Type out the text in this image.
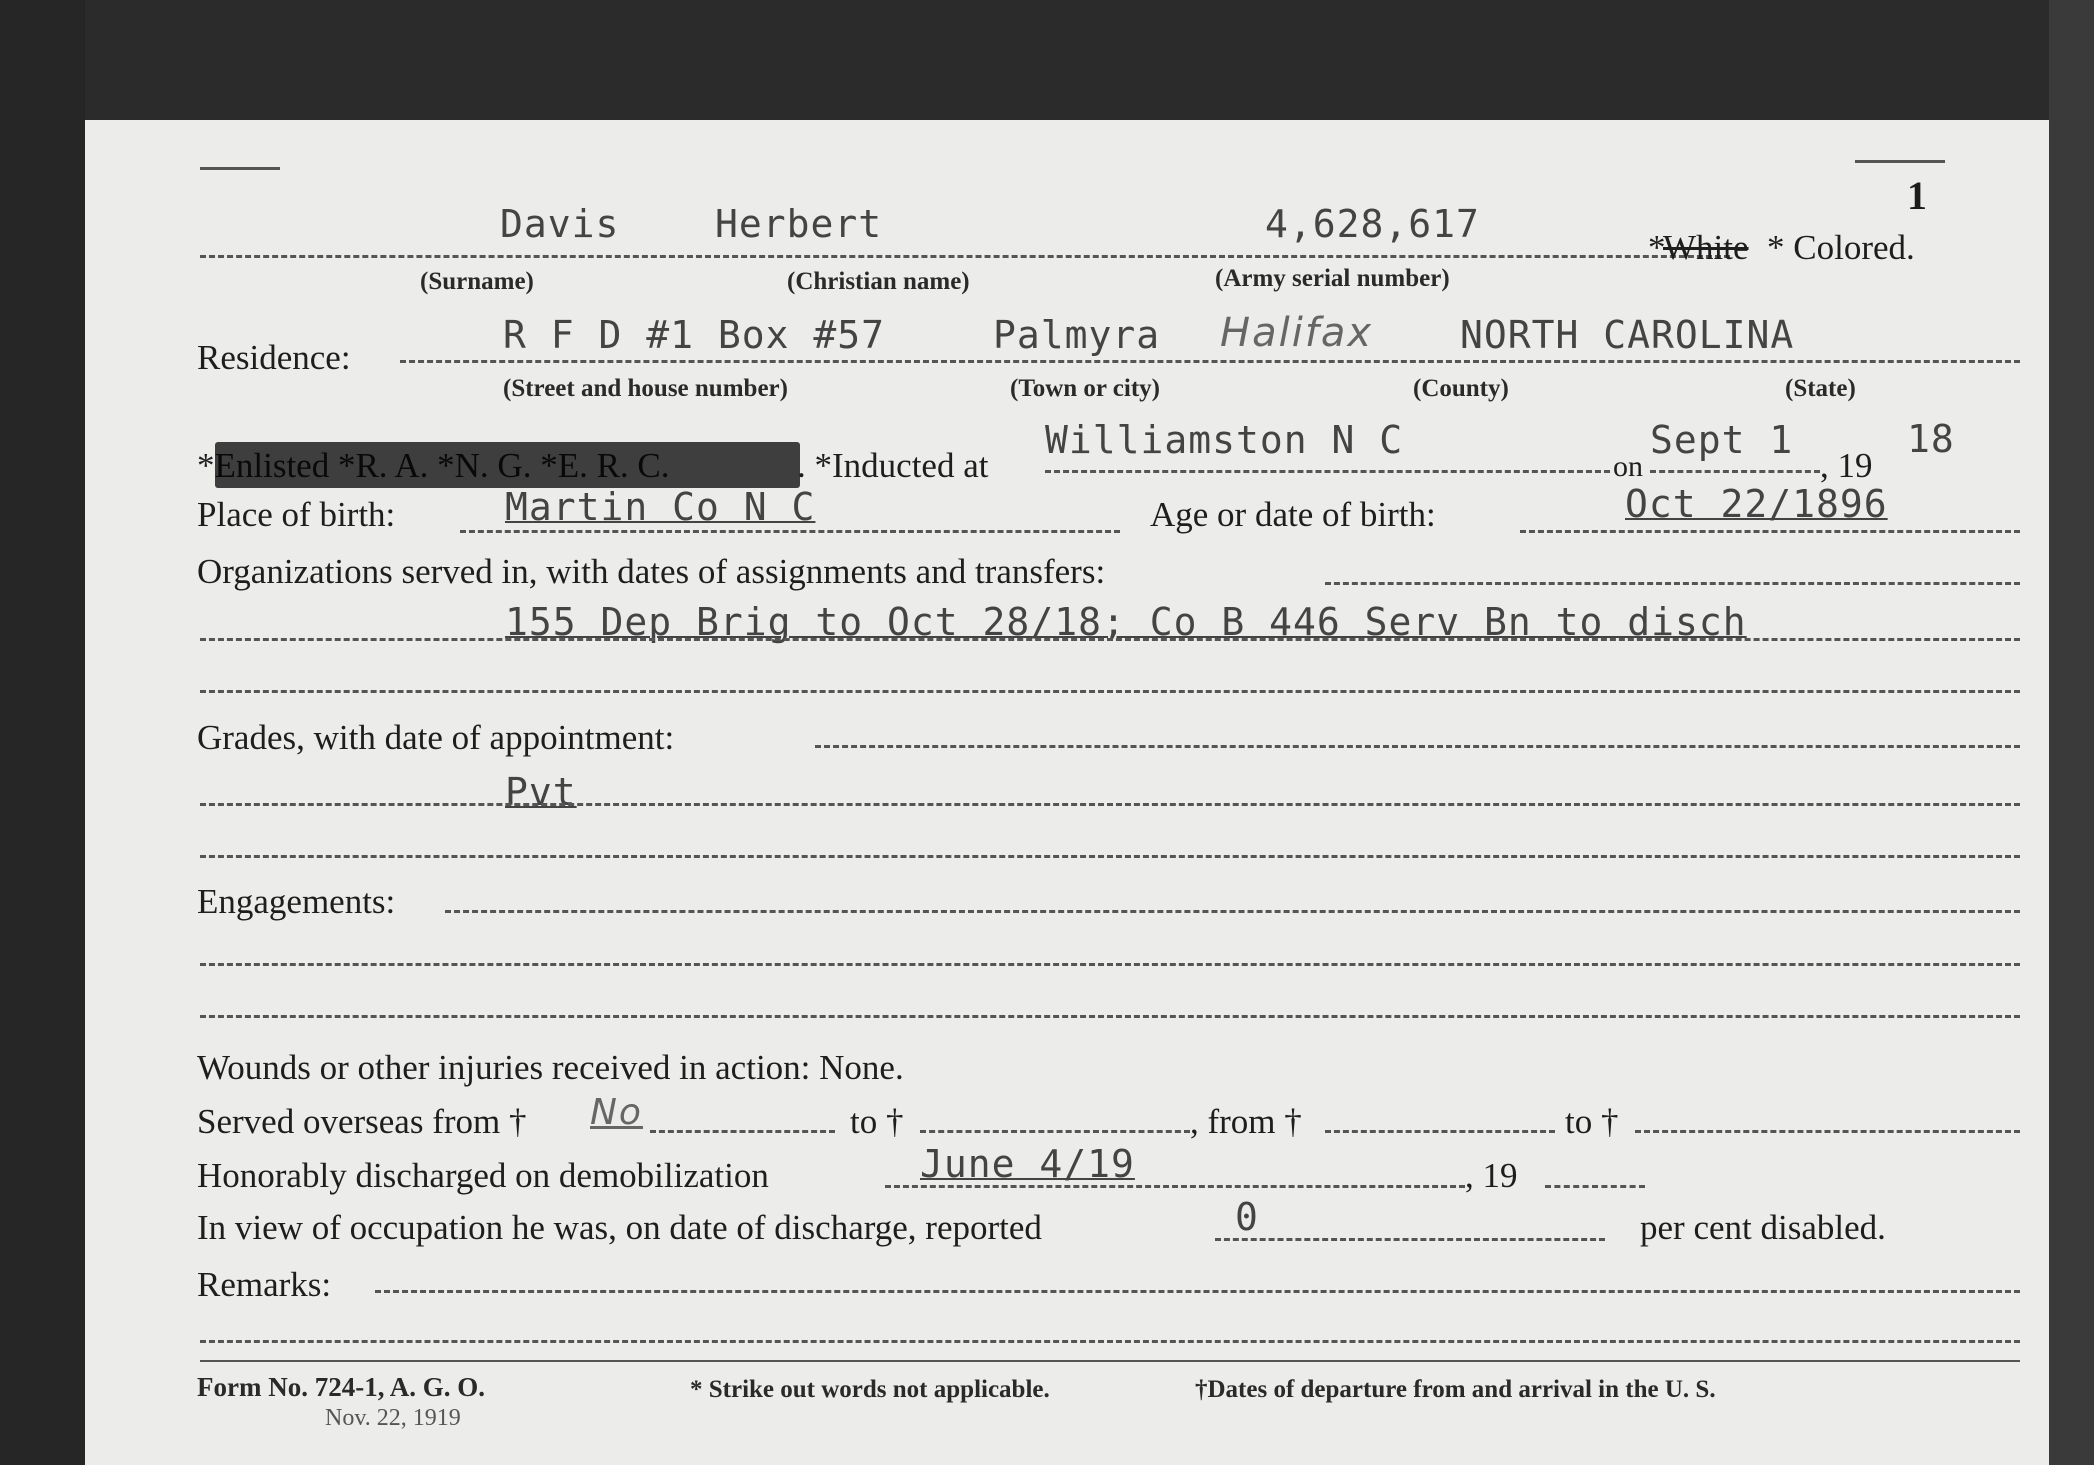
1
Davis	Herbert	4,628,617
*
White * Colored.
(Surname)	(Christian name)	(Army serial number)
Residence:
R F D #1 Box #57	Palmyra Halifax NORTH CAROLINA
(Street and house number)	(Town or city)	(County)	(State)
*Enlisted *R. A. *N. G. *E. R. C.	. *Inducted at
Williamston N C
on
Sept 1
, 19
18
Place of birth:	Martin Co N C	Age or date of birth:	Oct 22/1896
Organizations served in, with dates of assignments and transfers:
155 Dep Brig to Oct 28/18; Co B 446 Serv Bn to disch
Grades, with date of appointment:
Pvt
Engagements:
Wounds or other injuries received in action: None.
Served overseas from † No	to †	, from †	to †
Honorably discharged on demobilization	June 4/19	, 19
In view of occupation he was, on date of discharge, reported	0	per cent disabled.
Remarks:
Form No. 724-1, A. G. O.
Nov. 22, 1919
* Strike out words not applicable.	†Dates of departure from and arrival in the U. S.
